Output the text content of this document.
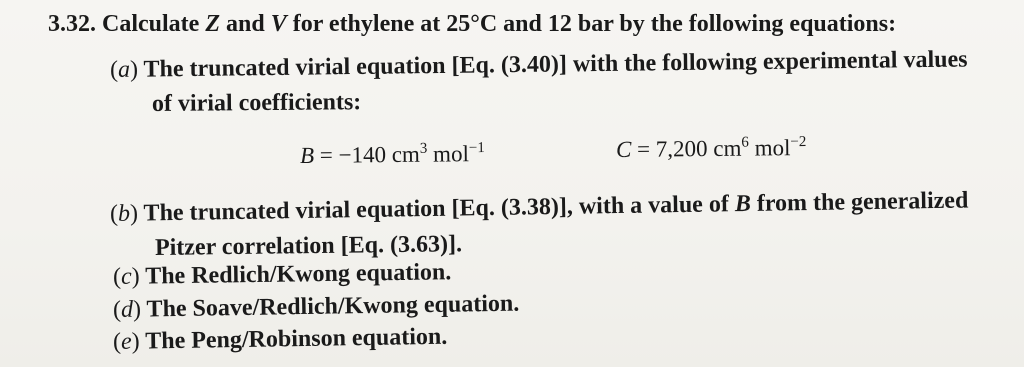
3.32. Calculate Z and V for ethylene at 25°C and 12 bar by the following equations:
(a) The truncated virial equation [Eq. (3.40)] with the following experimental values
of virial coefficients:
B = −140 $cm^3$ mol$^{-1}$	C = 7,200 $cm^6$ mol$^{-2}$
(b) The truncated virial equation [Eq. (3.38)], with a value of B from the generalized
Pitzer correlation [Eq. (3.63)].
(c) The Redlich/Kwong equation.
(d) The Soave/Redlich/Kwong equation.
(e) The Peng/Robinson equation.
